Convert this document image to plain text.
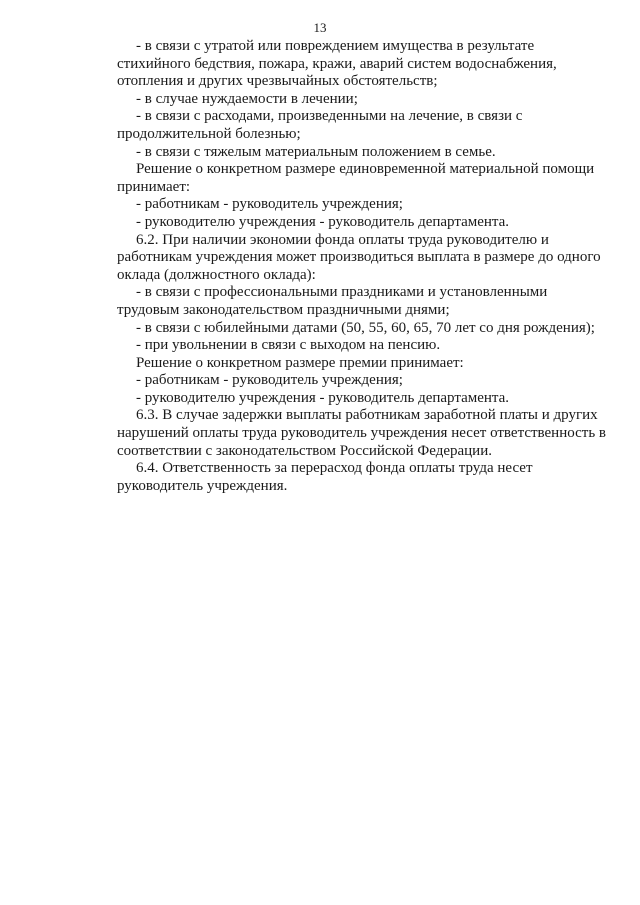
13

- в связи с утратой или повреждением имущества в результате стихийного бедствия, пожара, кражи, аварий систем водоснабжения, отопления и других чрезвычайных обстоятельств;

- в случае нуждаемости в лечении;

- в связи с расходами, произведенными на лечение, в связи с продолжительной болезнью;

- в связи с тяжелым материальным положением в семье.

Решение о конкретном размере единовременной материальной помощи принимает:

- работникам - руководитель учреждения;

- руководителю учреждения - руководитель департамента.

6.2. При наличии экономии фонда оплаты труда руководителю и работникам учреждения может производиться выплата в размере до одного оклада (должностного оклада):

- в связи с профессиональными праздниками и установленными трудовым законодательством праздничными днями;

- в связи с юбилейными датами (50, 55, 60, 65, 70 лет со дня рождения);

- при увольнении в связи с выходом на пенсию.

Решение о конкретном размере премии принимает:

- работникам - руководитель учреждения;

- руководителю учреждения - руководитель департамента.

6.3. В случае задержки выплаты работникам заработной платы и других нарушений оплаты труда руководитель учреждения несет ответственность в соответствии с законодательством Российской Федерации.

6.4. Ответственность за перерасход фонда оплаты труда несет руководитель учреждения.
